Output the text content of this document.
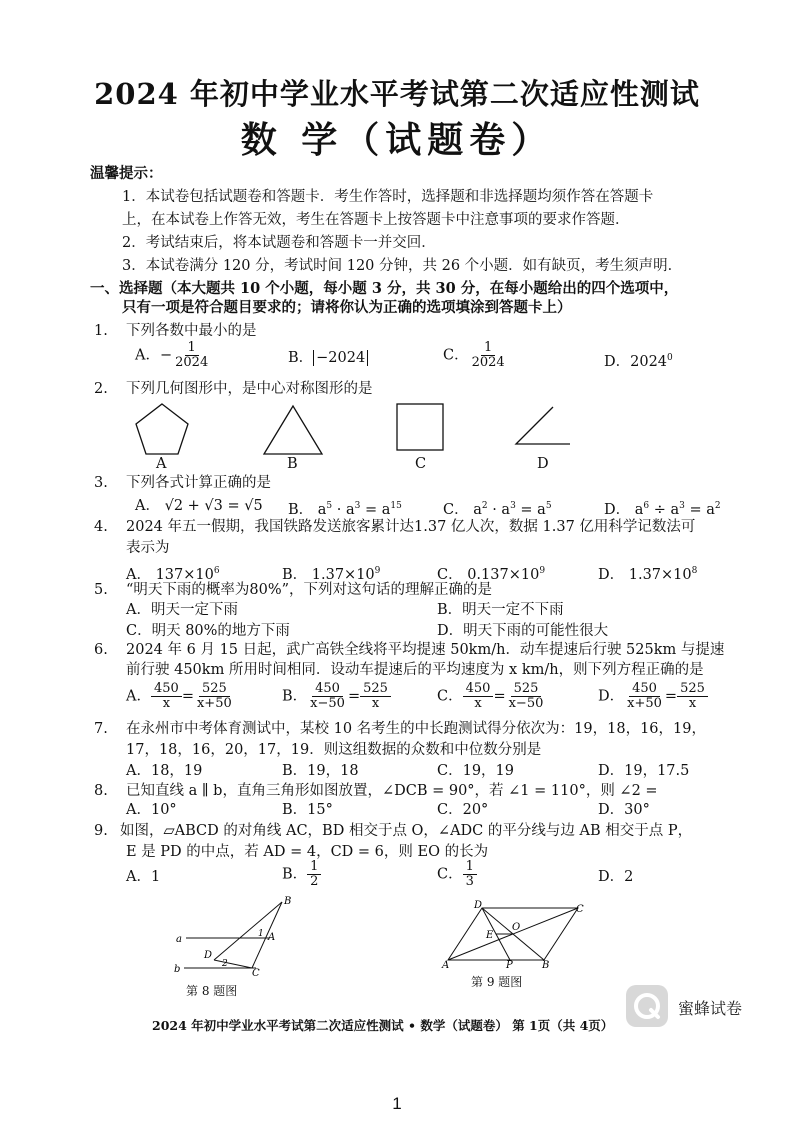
2024 年初中学业水平考试第二次适应性测试
数 学（试题卷）
温馨提示：
1．本试卷包括试题卷和答题卡．考生作答时，选择题和非选择题均须作答在答题卡
上，在本试卷上作答无效，考生在答题卡上按答题卡中注意事项的要求作答题．
2．考试结束后，将本试题卷和答题卡一并交回．
3．本试卷满分 120 分，考试时间 120 分钟，共 26 个小题．如有缺页，考生须声明．
一、选择题（本大题共 10 个小题，每小题 3 分，共 30 分，在每小题给出的四个选项中，
只有一项是符合题目要求的；请将你认为正确的选项填涂到答题卡上）
1. 下列各数中最小的是
A．− $\frac{1}{2024}$	B． −2024	C． $\frac{1}{2024}$	D．2024$^0$
2. 下列几何图形中，是中心对称图形的是
A	B	C	D
3. 下列各式计算正确的是
A． √2 + √3 = √5 B． $a^5 \cdot a^3 = a^{15}$	C． $a^2 \cdot a^3 = a^5$	D． $a^6 \div a^3 = a^2$
4. 2024 年五一假期，我国铁路发送旅客累计达1.37 亿人次，数据 1.37 亿用科学记数法可
表示为
A． $137\times 10^6$	B． $1.37\times 10^9$	C． $0.137\times 10^9$	D． $1.37\times 10^8$
5. “明天下雨的概率为80%”，下列对这句话的理解正确的是
A．明天一定下雨	B．明天一定不下雨
C．明天 80%的地方下雨	D．明天下雨的可能性很大
6. 2024 年 6 月 15 日起，武广高铁全线将平均提速 50km/h．动车提速后行驶 525km 与提速
前行驶 450km 所用时间相同．设动车提速后的平均速度为 x km/h，则下列方程正确的是
A． $\frac{450}{x} = \frac{525}{x+50}$	B． $\frac{450}{x-50} = \frac{525}{x}$	C． $\frac{450}{x} = \frac{525}{x-50}$	D． $\frac{450}{x+50} = \frac{525}{x}$
7. 在永州市中考体育测试中，某校 10 名考生的中长跑测试得分依次为：19，18，16，19，
17，18，16，20，17，19．则这组数据的众数和中位数分别是
A．18，19	B．19，18	C．19，19	D．19，17.5
8. 已知直线 a ∥ b，直角三角形如图放置，∠DCB = 90°，若 ∠1 = 110°，则 ∠2 =
A．10°	B．15°	C．20°	D．30°
9. 如图，▱ABCD 的对角线 AC，BD 相交于点 O，∠ADC 的平分线与边 AB 相交于点 P，
E 是 PD 的中点，若 AD = 4，CD = 6，则 EO 的长为
A．1	B． $\frac{1}{2}$	C． $\frac{1}{3}$	D．2
a
b
B
A
D
C
1
2
第 8 题图
D	C
E
O
A	P	B
第 9 题图
蜜蜂试卷
2024 年初中学业水平考试第二次适应性测试 • 数学（试题卷） 第 1页（共 4页）
1
